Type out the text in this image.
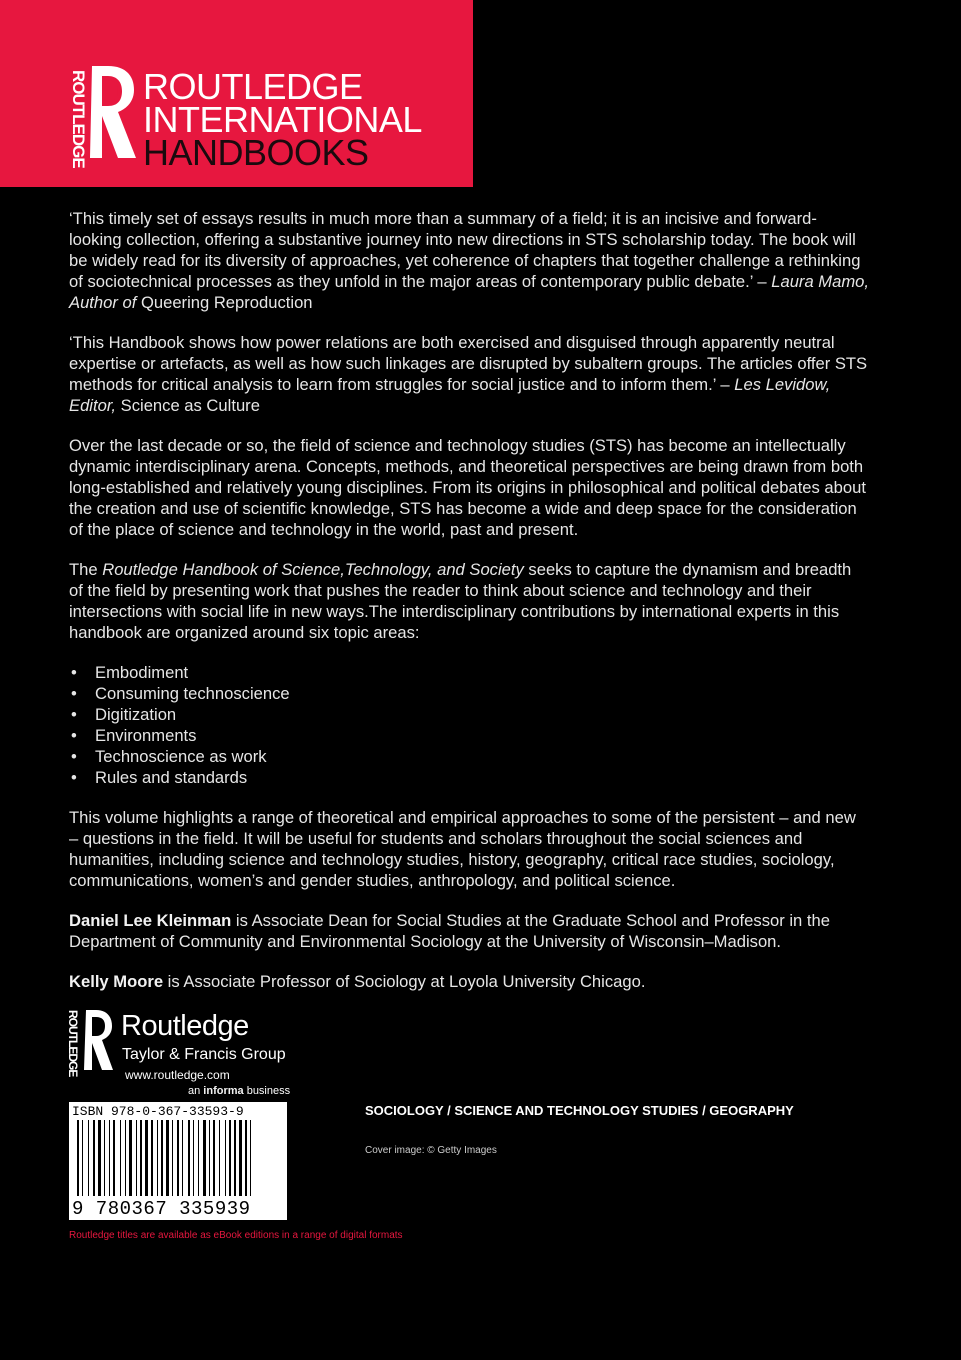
ROUTLEDGE ROUTLEDGE
INTERNATIONAL
HANDBOOKS

‘This timely set of essays results in much more than a summary of a field; it is an incisive and forward-looking collection, offering a substantive journey into new directions in STS scholarship today. The book will be widely read for its diversity of approaches, yet coherence of chapters that together challenge a rethinking of sociotechnical processes as they unfold in the major areas of contemporary public debate.’ – Laura Mamo, Author of Queering Reproduction

‘This Handbook shows how power relations are both exercised and disguised through apparently neutral expertise or artefacts, as well as how such linkages are disrupted by subaltern groups. The articles offer STS methods for critical analysis to learn from struggles for social justice and to inform them.’ – Les Levidow, Editor, Science as Culture

Over the last decade or so, the field of science and technology studies (STS) has become an intellectually dynamic interdisciplinary arena. Concepts, methods, and theoretical perspectives are being drawn from both long-established and relatively young disciplines. From its origins in philosophical and political debates about the creation and use of scientific knowledge, STS has become a wide and deep space for the consideration of the place of science and technology in the world, past and present.

The Routledge Handbook of Science,Technology, and Society seeks to capture the dynamism and breadth of the field by presenting work that pushes the reader to think about science and technology and their intersections with social life in new ways.The interdisciplinary contributions by international experts in this handbook are organized around six topic areas:

• Embodiment
• Consuming technoscience
• Digitization
• Environments
• Technoscience as work
• Rules and standards

This volume highlights a range of theoretical and empirical approaches to some of the persistent – and new – questions in the field. It will be useful for students and scholars throughout the social sciences and humanities, including science and technology studies, history, geography, critical race studies, sociology, communications, women’s and gender studies, anthropology, and political science.

Daniel Lee Kleinman is Associate Dean for Social Studies at the Graduate School and Professor in the Department of Community and Environmental Sociology at the University of Wisconsin–Madison.

Kelly Moore is Associate Professor of Sociology at Loyola University Chicago.

ROUTLEDGE Routledge
Taylor & Francis Group
www.routledge.com
an informa business
ISBN 978-0-367-33593-9
9 780367 335939
SOCIOLOGY / SCIENCE AND TECHNOLOGY STUDIES / GEOGRAPHY
Cover image: © Getty Images
Routledge titles are available as eBook editions in a range of digital formats
